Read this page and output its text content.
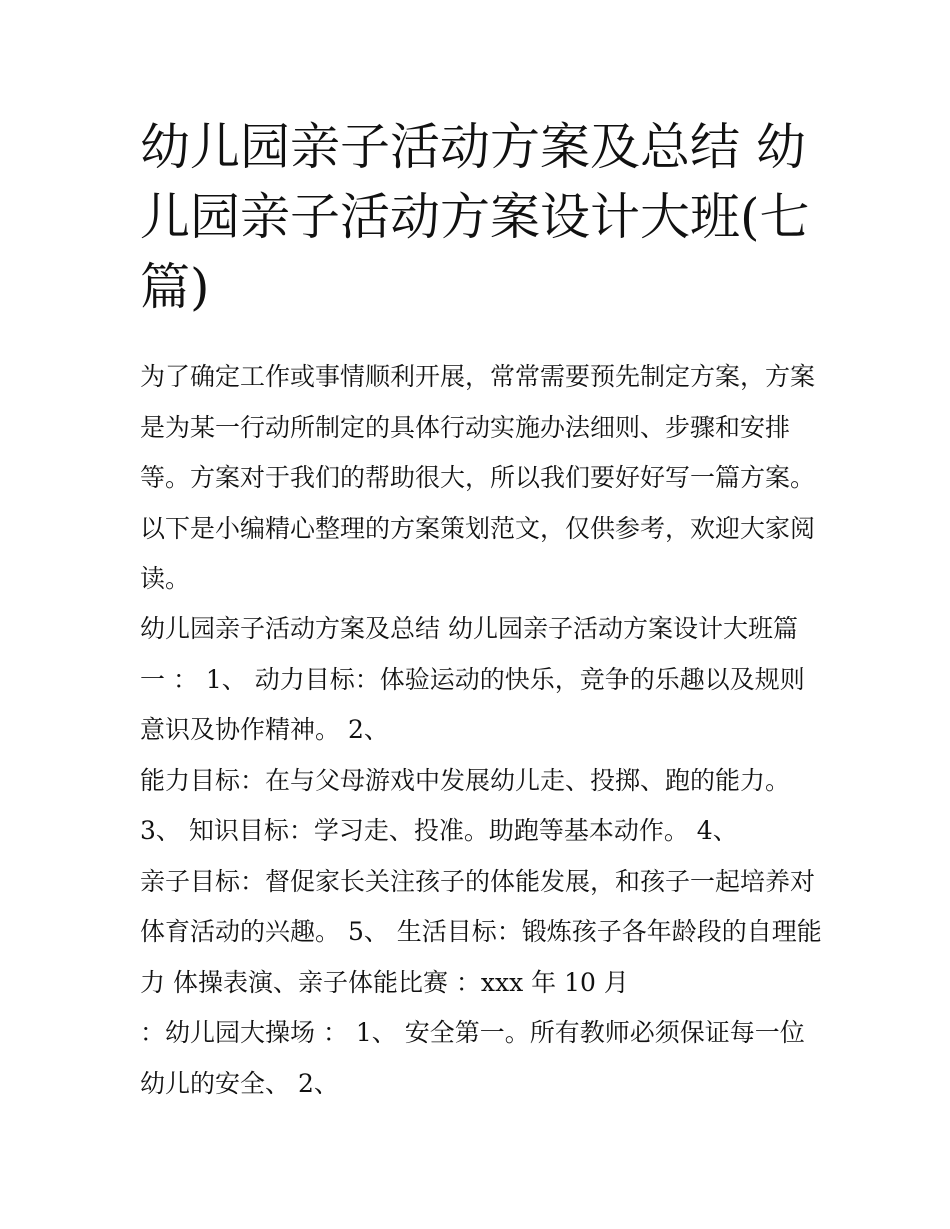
幼儿园亲子活动方案及总结 幼儿园亲子活动方案设计大班(七篇)
为了确定工作或事情顺利开展，常常需要预先制定方案，方案
是为某一行动所制定的具体行动实施办法细则、步骤和安排
等。方案对于我们的帮助很大，所以我们要好好写一篇方案。
以下是小编精心整理的方案策划范文，仅供参考，欢迎大家阅
读。
幼儿园亲子活动方案及总结 幼儿园亲子活动方案设计大班篇
一 ： 1、 动力目标：体验运动的快乐，竞争的乐趣以及规则
意识及协作精神。 2、
能力目标：在与父母游戏中发展幼儿走、投掷、跑的能力。
3、 知识目标：学习走、投准。助跑等基本动作。 4、
亲子目标：督促家长关注孩子的体能发展，和孩子一起培养对
体育活动的兴趣。 5、 生活目标：锻炼孩子各年龄段的自理能
力 体操表演、亲子体能比赛 ：xxx 年 10 月
：幼儿园大操场 ： 1、 安全第一。所有教师必须保证每一位
幼儿的安全、 2、
